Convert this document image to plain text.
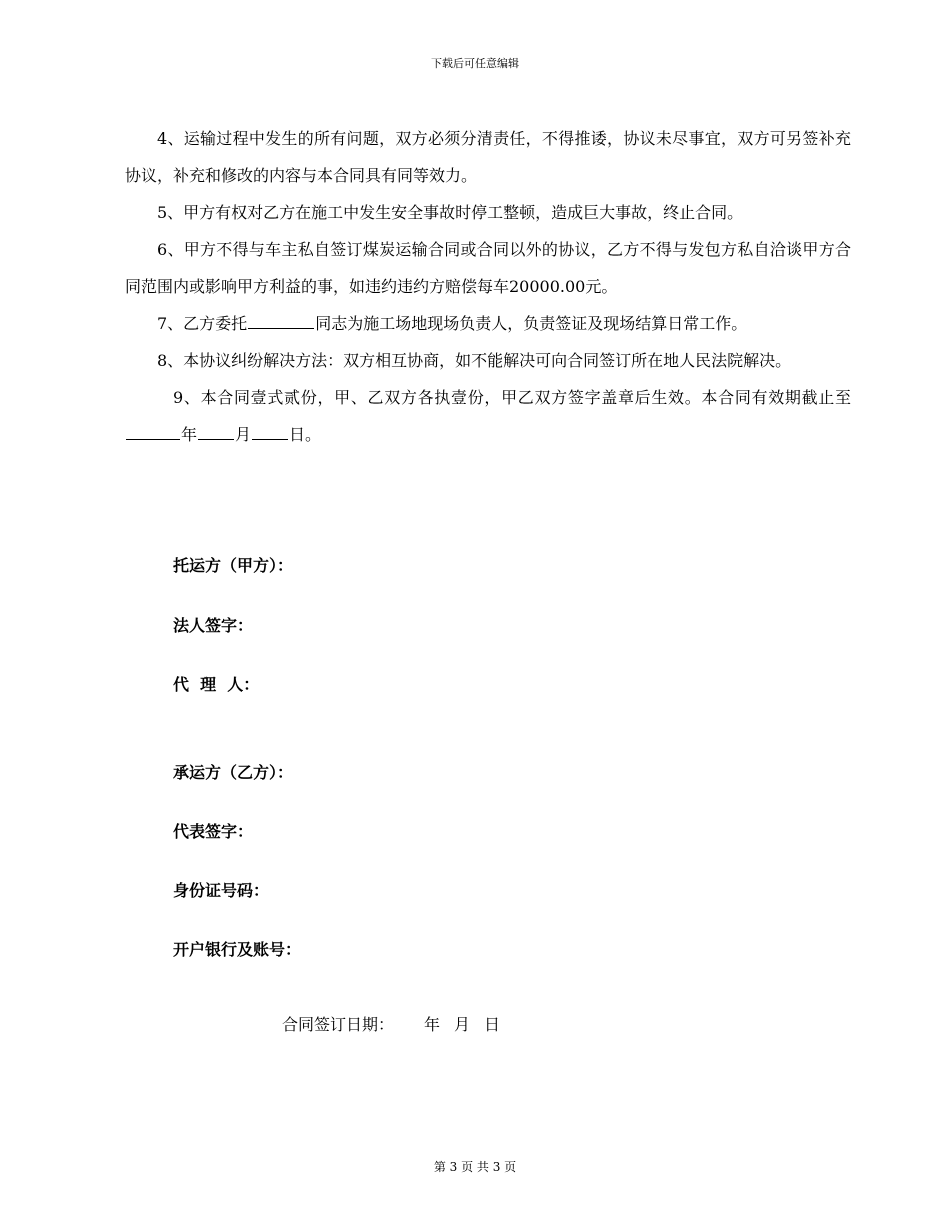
下载后可任意编辑

4、运输过程中发生的所有问题，双方必须分清责任，不得推诿，协议未尽事宜，双方可另签补充协议，补充和修改的内容与本合同具有同等效力。

5、甲方有权对乙方在施工中发生安全事故时停工整顿，造成巨大事故，终止合同。

6、甲方不得与车主私自签订煤炭运输合同或合同以外的协议，乙方不得与发包方私自洽谈甲方合同范围内或影响甲方利益的事，如违约违约方赔偿每车20000.00元。

7、乙方委托	同志为施工场地现场负责人，负责签证及现场结算日常工作。

8、本协议纠纷解决方法：双方相互协商，如不能解决可向合同签订所在地人民法院解决。

9、本合同壹式贰份，甲、乙双方各执壹份，甲乙双方签字盖章后生效。本合同有效期截止至年 月 日。

托运方（甲方）：
法人签字：
代  理  人：
承运方（乙方）：
代表签字：
身份证号码：
开户银行及账号：
合同签订日期： 年 月 日
第 3 页 共 3 页
